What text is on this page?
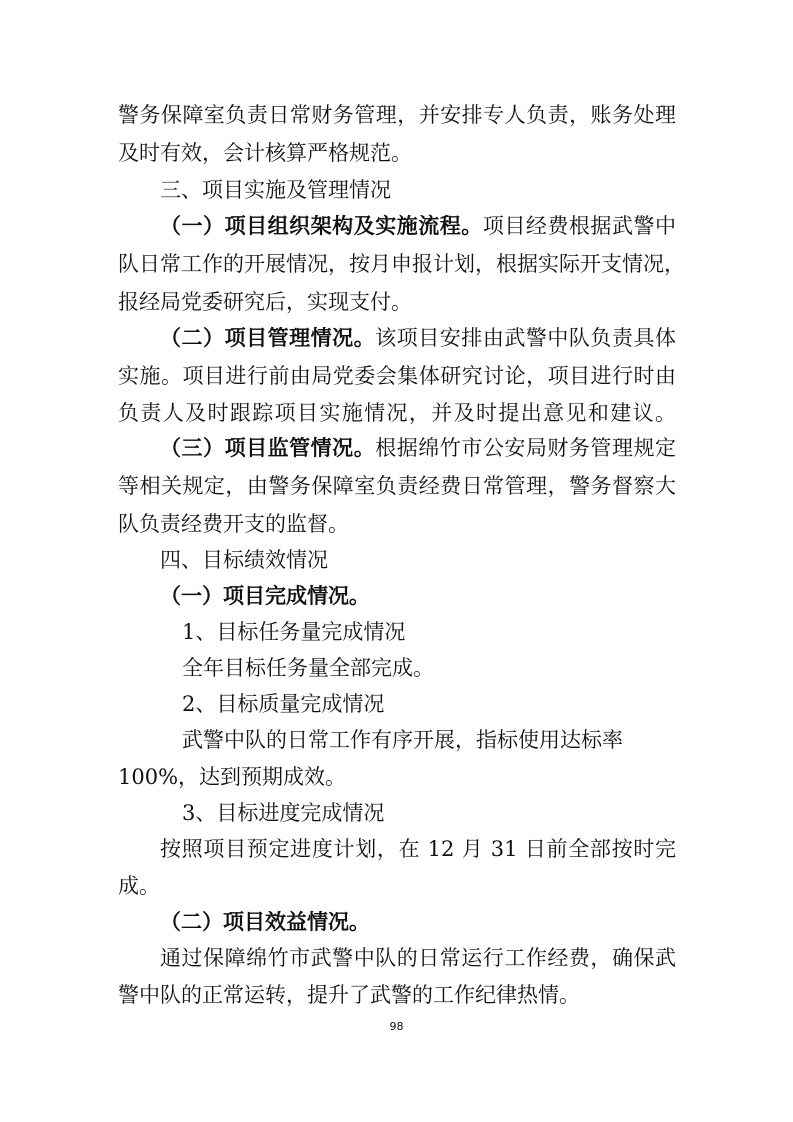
警务保障室负责日常财务管理，并安排专人负责，账务处理
及时有效，会计核算严格规范。
三、项目实施及管理情况
（一）项目组织架构及实施流程。项目经费根据武警中
队日常工作的开展情况，按月申报计划，根据实际开支情况，
报经局党委研究后，实现支付。
（二）项目管理情况。该项目安排由武警中队负责具体
实施。项目进行前由局党委会集体研究讨论，项目进行时由
负责人及时跟踪项目实施情况，并及时提出意见和建议。
（三）项目监管情况。根据绵竹市公安局财务管理规定
等相关规定，由警务保障室负责经费日常管理，警务督察大
队负责经费开支的监督。
四、目标绩效情况
（一）项目完成情况。
1、目标任务量完成情况
全年目标任务量全部完成。
2、目标质量完成情况
武警中队的日常工作有序开展，指标使用达标率
100%，达到预期成效。
3、目标进度完成情况
按照项目预定进度计划，在 12 月 31 日前全部按时完
成。
（二）项目效益情况。
通过保障绵竹市武警中队的日常运行工作经费，确保武
警中队的正常运转，提升了武警的工作纪律热情。
98
